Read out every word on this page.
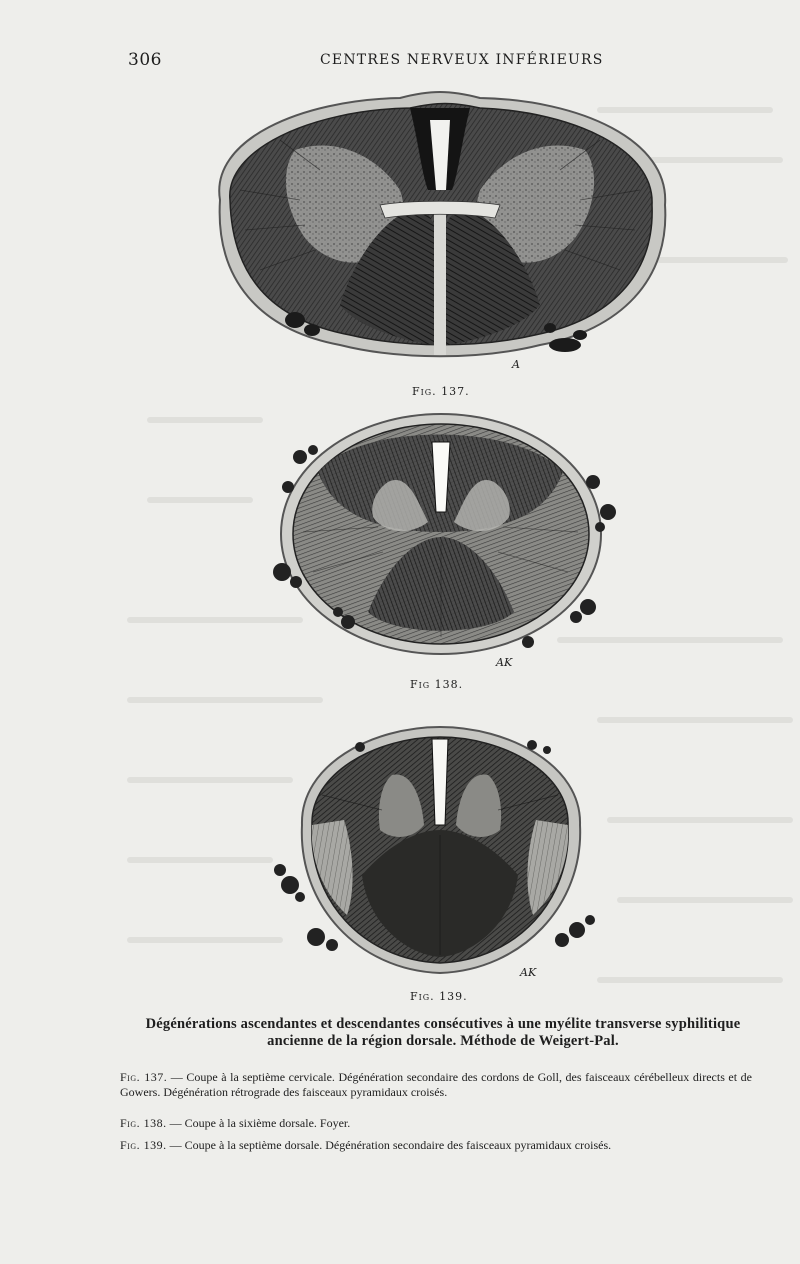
306	CENTRES NERVEUX INFÉRIEURS
A
Fig. 137.
AK
Fig 138.
AK
Fig. 139.
Dégénérations ascendantes et descendantes consécutives à une myélite transverse syphilitique ancienne de la région dorsale. Méthode de Weigert-Pal.
Fig. 137. — Coupe à la septième cervicale. Dégénération secondaire des cordons de Goll, des faisceaux cérébelleux directs et de Gowers. Dégénération rétrograde des faisceaux pyramidaux croisés.
Fig. 138. — Coupe à la sixième dorsale. Foyer.
Fig. 139. — Coupe à la septième dorsale. Dégénération secondaire des faisceaux pyramidaux croisés.
